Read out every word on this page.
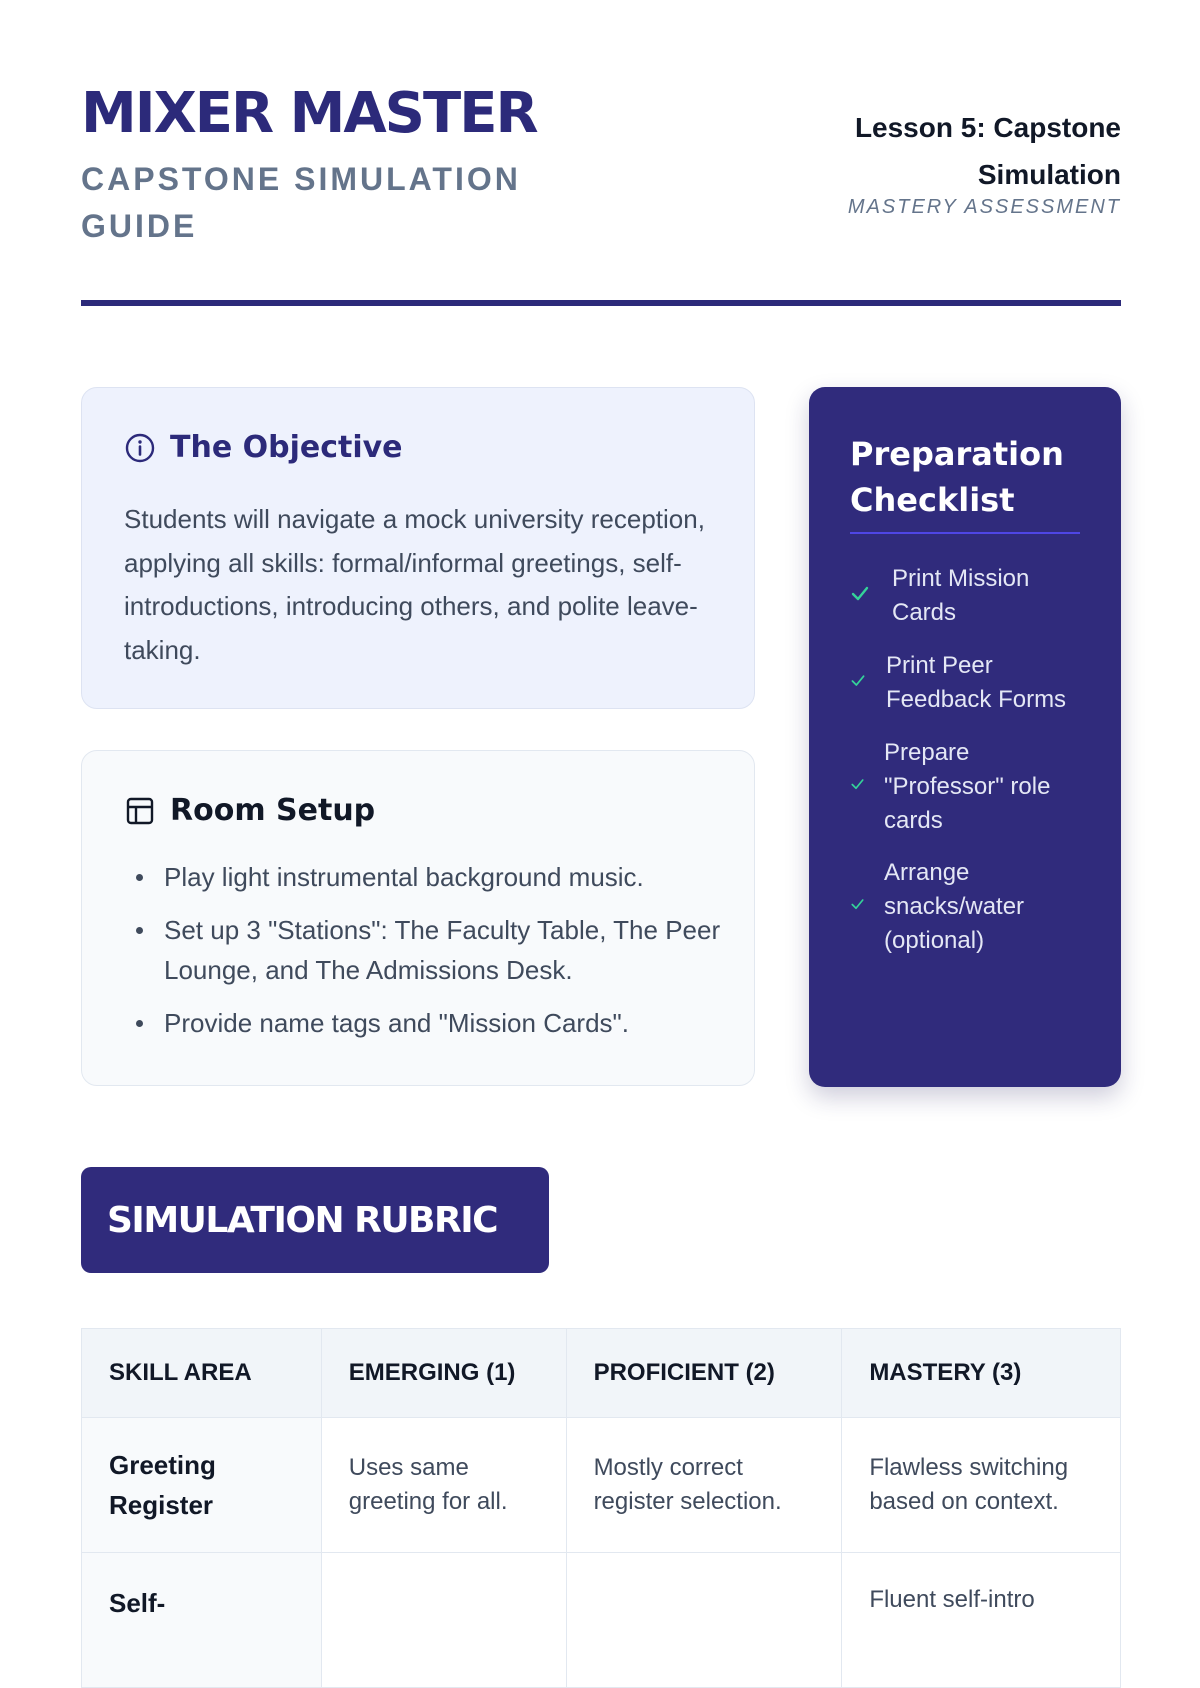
MIXER MASTER
CAPSTONE SIMULATION GUIDE
Lesson 5: Capstone Simulation
MASTERY ASSESSMENT
The Objective

Students will navigate a mock university reception, applying all skills: formal/informal greetings, self-introductions, introducing others, and polite leave-taking.

Room Setup
Play light instrumental background music.
Set up 3 "Stations": The Faculty Table, The Peer Lounge, and The Admissions Desk.
Provide name tags and "Mission Cards".
Preparation Checklist
Print Mission Cards
Print Peer Feedback Forms
Prepare "Professor" role cards
Arrange snacks/water (optional)
SIMULATION RUBRIC
SKILL AREA	EMERGING (1)	PROFICIENT (2)	MASTERY (3)
Greeting Register	Uses same greeting for all.	Mostly correct register selection.	Flawless switching based on context.
Self-			Fluent self-intro
